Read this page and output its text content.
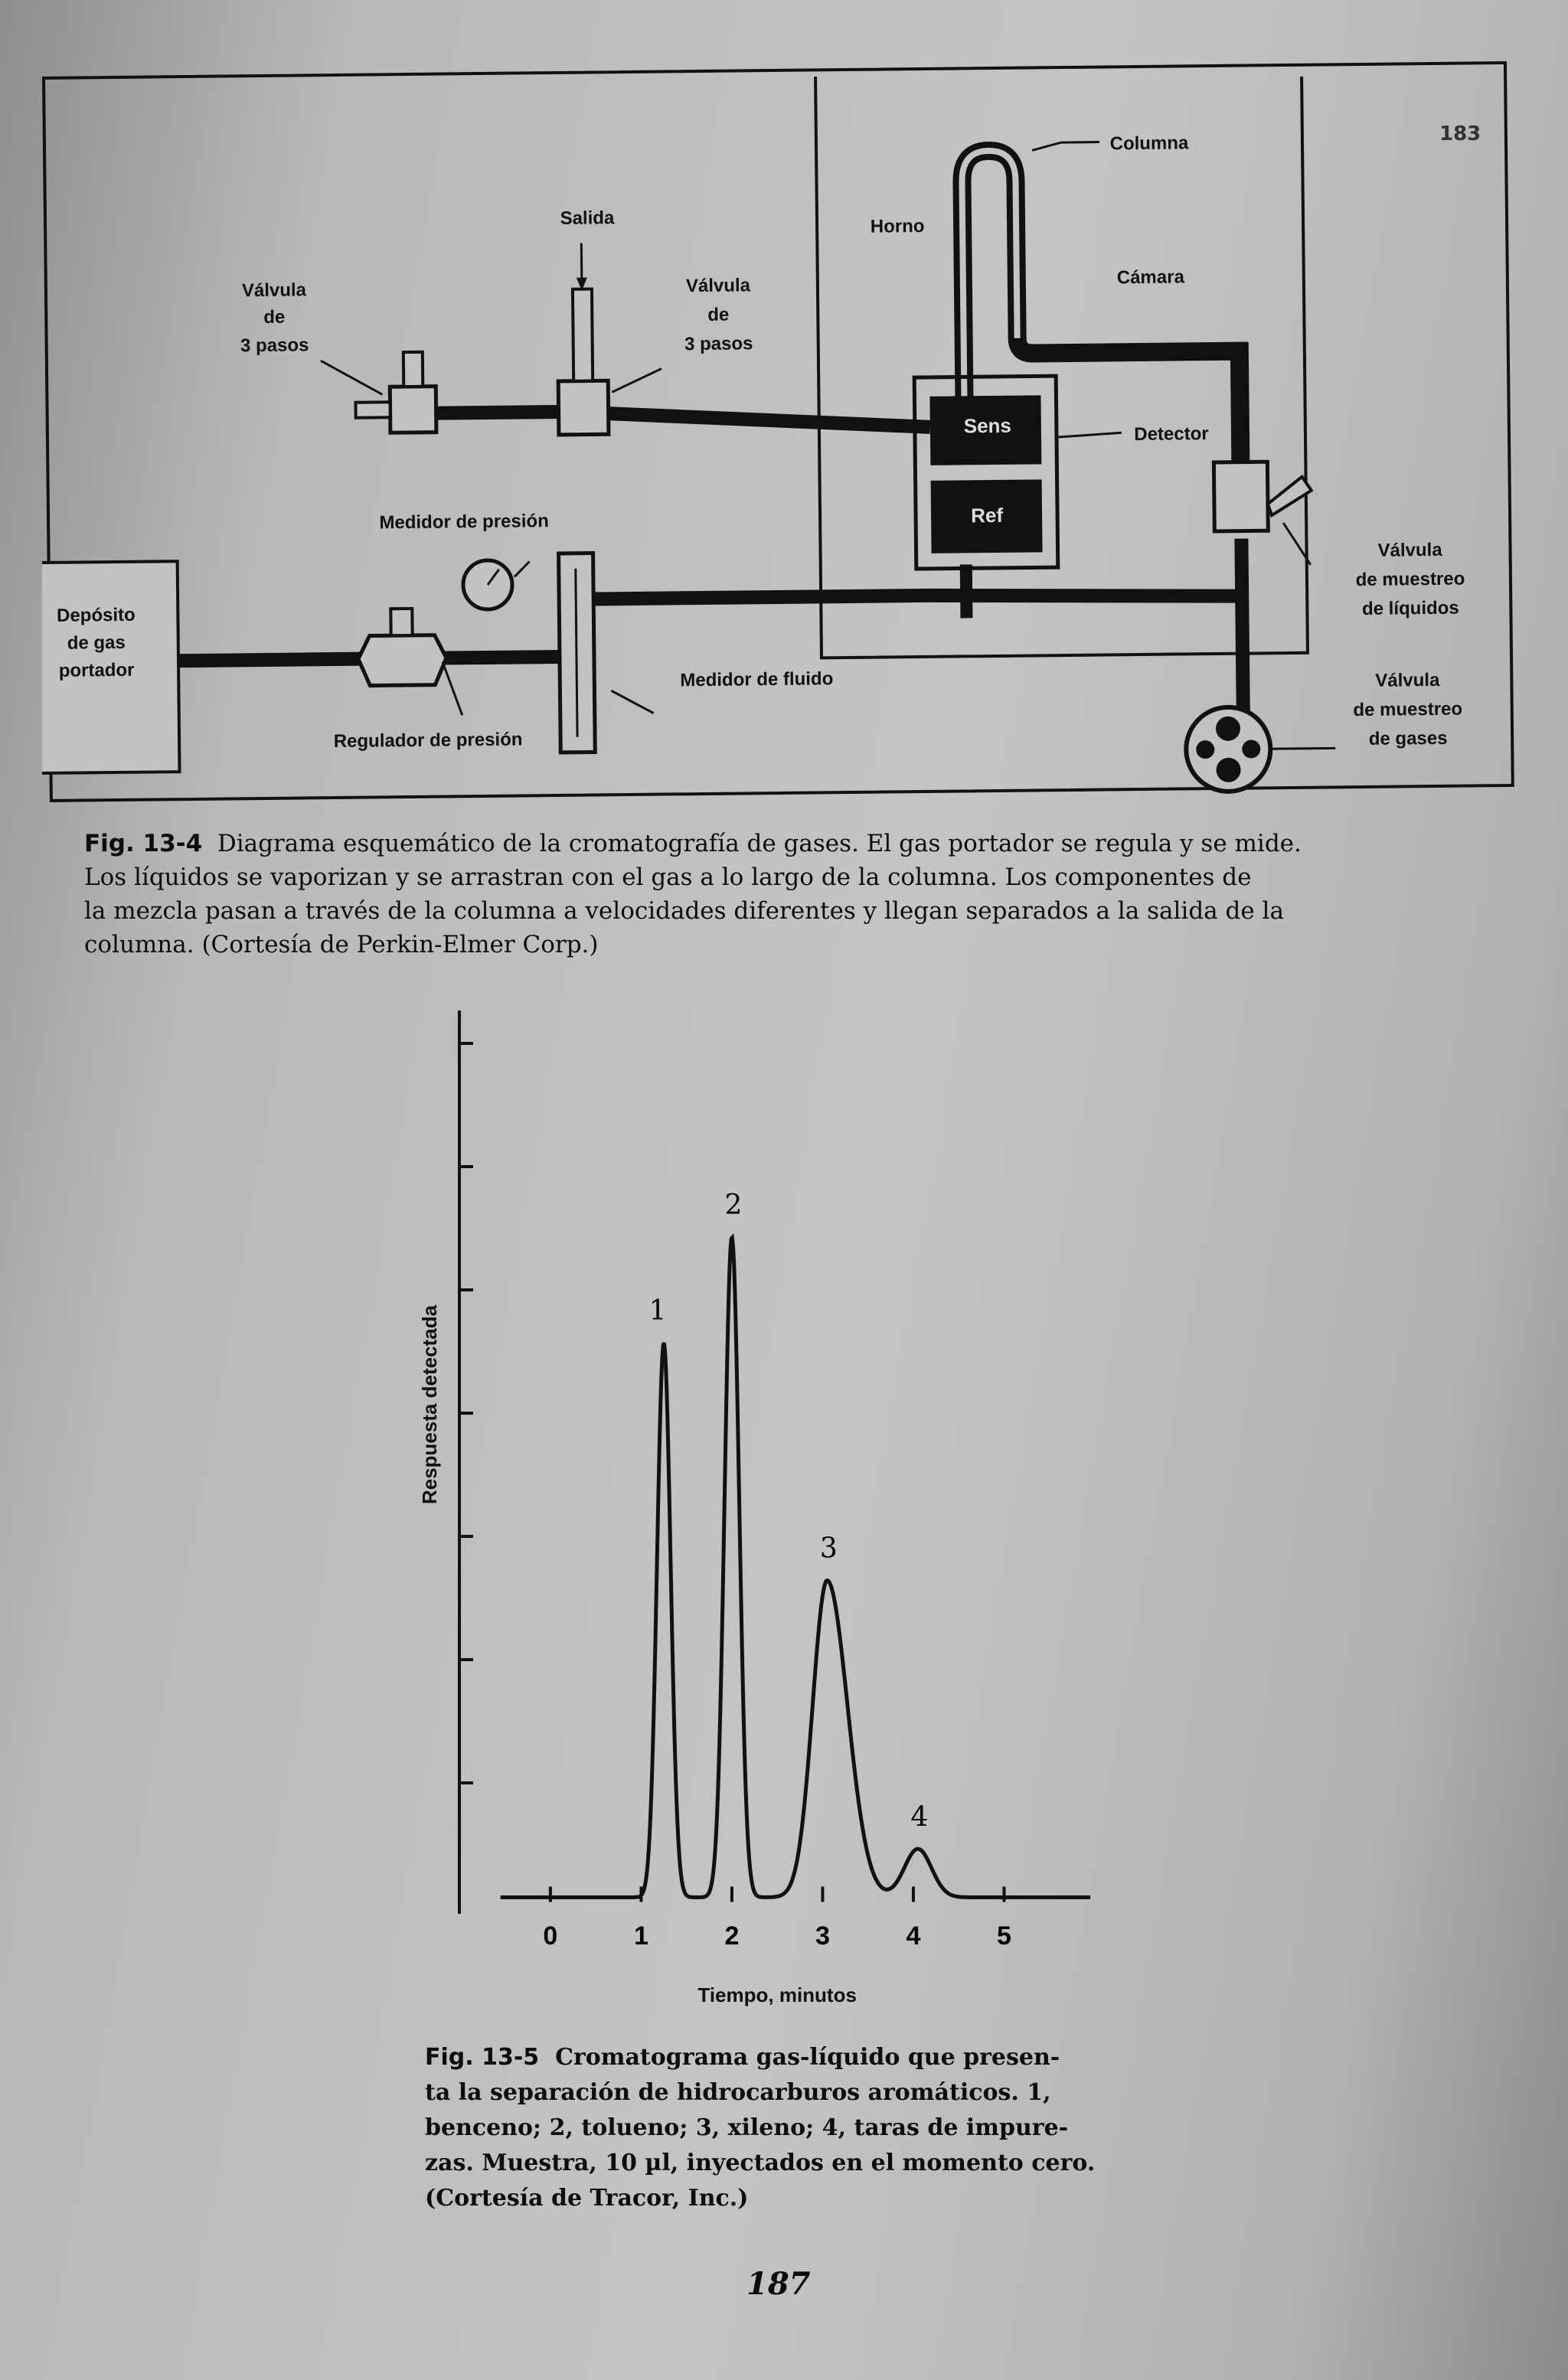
183
Sens
Ref
Depósito
de gas
portador
Válvula
de
3 pasos
Salida
Válvula
de
3 pasos
Horno
Columna
Cámara
Detector
Medidor de presión
Regulador de presión
Medidor de fluido
Válvula
de muestreo
de líquidos
Válvula
de muestreo
de gases
Fig. 13-4 Diagrama esquemático de la cromatografía de gases. El gas portador se regula y se mide.
Los líquidos se vaporizan y se arrastran con el gas a lo largo de la columna. Los componentes de
la mezcla pasan a través de la columna a velocidades diferentes y llegan separados a la salida de la
columna. (Cortesía de Perkin-Elmer Corp.)
0	1	2	3	4	5
1
2
3
4
Respuesta detectada
Tiempo, minutos
Fig. 13-5 Cromatograma gas-líquido que presen-
ta la separación de hidrocarburos aromáticos. 1,
benceno; 2, tolueno; 3, xileno; 4, taras de impure-
zas. Muestra, 10 µl, inyectados en el momento cero.
(Cortesía de Tracor, Inc.)
187
